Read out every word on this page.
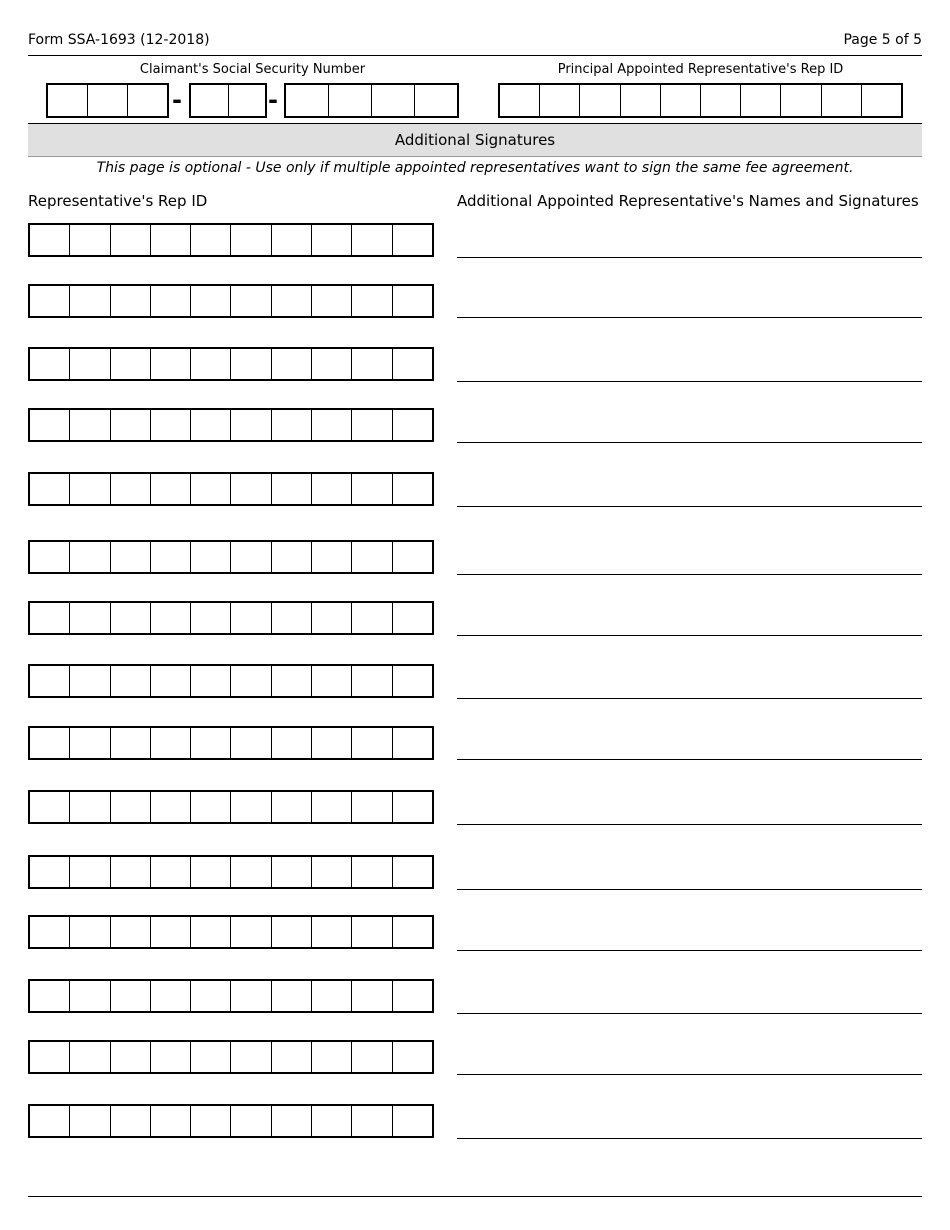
Form SSA-1693 (12-2018)	Page 5 of 5
Claimant's Social Security Number
-	-
Principal Appointed Representative's Rep ID
Additional Signatures
This page is optional - Use only if multiple appointed representatives want to sign the same fee agreement.
Representative's Rep ID	Additional Appointed Representative's Names and Signatures
